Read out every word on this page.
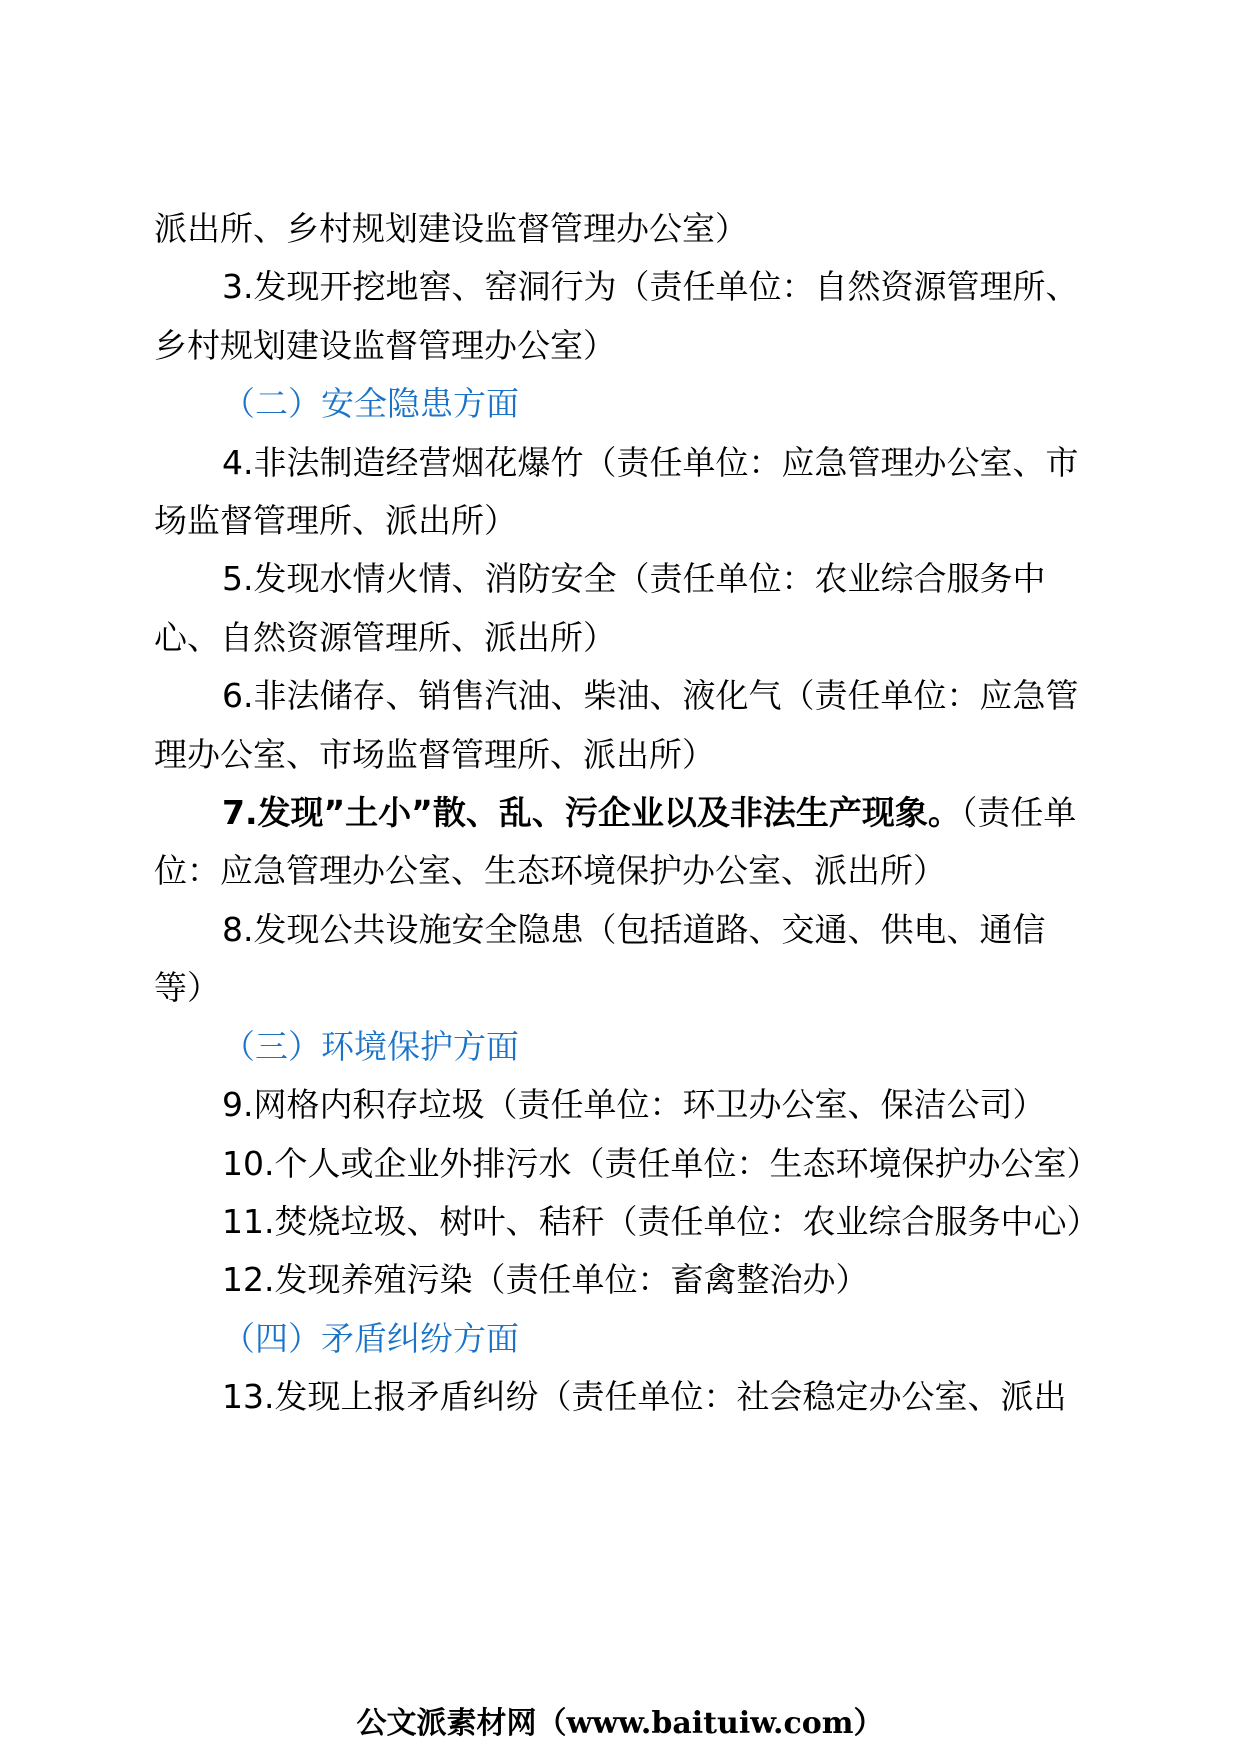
派出所、乡村规划建设监督管理办公室）

3.发现开挖地窖、窑洞行为（责任单位：自然资源管理所、乡村规划建设监督管理办公室）

（二）安全隐患方面

4.非法制造经营烟花爆竹（责任单位：应急管理办公室、市场监督管理所、派出所）

5.发现水情火情、消防安全（责任单位：农业综合服务中心、自然资源管理所、派出所）

6.非法储存、销售汽油、柴油、液化气（责任单位：应急管理办公室、市场监督管理所、派出所）

7.发现”土小”散、乱、污企业以及非法生产现象。（责任单位：应急管理办公室、生态环境保护办公室、派出所）

8.发现公共设施安全隐患（包括道路、交通、供电、通信等）

（三）环境保护方面

9.网格内积存垃圾（责任单位：环卫办公室、保洁公司）

10.个人或企业外排污水（责任单位：生态环境保护办公室）

11.焚烧垃圾、树叶、秸秆（责任单位：农业综合服务中心）

12.发现养殖污染（责任单位：畜禽整治办）

（四）矛盾纠纷方面

13.发现上报矛盾纠纷（责任单位：社会稳定办公室、派出

公文派素材网（www.baituiw.com）
